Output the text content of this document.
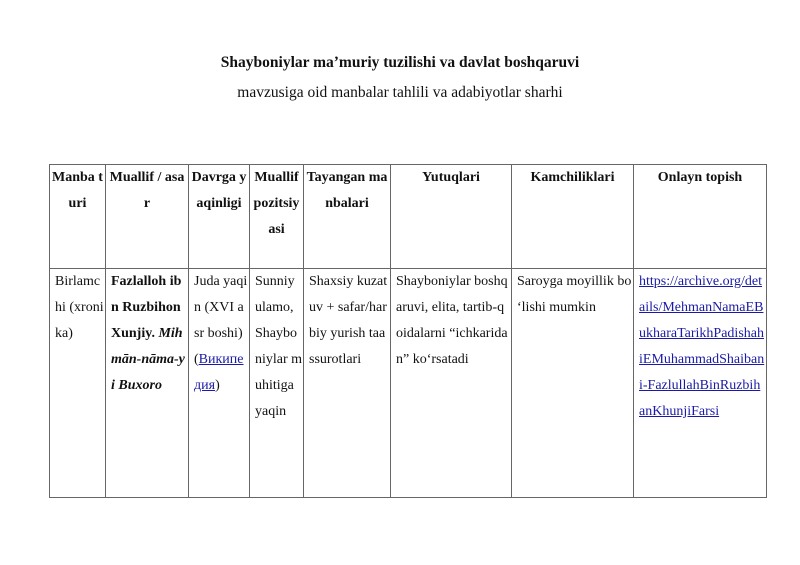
Shayboniylar ma’muriy tuzilishi va davlat boshqaruvi
mavzusiga oid manbalar tahlili va adabiyotlar sharhi
Manba turi	Muallif / asar	Davrga yaqinligi	Muallif pozitsiyasi	Tayangan manbalari	Yutuqlari	Kamchiliklari	Onlayn topish
Birlamchi (xronika)	Fazlalloh ibn Ruzbihon Xunjiy. Mihmān-nāma-yi Buxoro	Juda yaqin (XVI asr boshi) (Википедия)	Sunniy ulamo, Shayboniylar muhitiga yaqin	Shaxsiy kuzatuv + safar/harbiy yurish taassurotlari	Shayboniylar boshqaruvi, elita, tartib-qoidalarni “ichkaridan” koʻrsatadi	Saroyga moyillik boʻlishi mumkin	https://archive.org/details/MehmanNamaEBukharaTarikhPadishahiEMuhammadShaibani-FazlullahBinRuzbihanKhunjiFarsi
